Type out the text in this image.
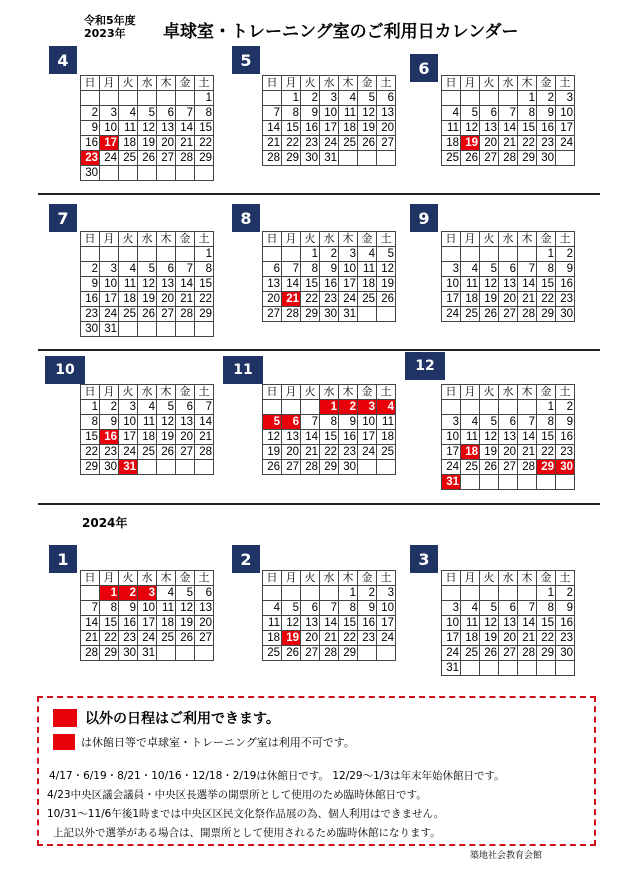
令和5年度
2023年	卓球室・トレーニング室のご利用日カレンダー
2024年
4
日	月	火	水	木	金	土
						1
2	3	4	5	6	7	8
9	10	11	12	13	14	15
16	17	18	19	20	21	22
23	24	25	26	27	28	29
30						
5
日	月	火	水	木	金	土
	1	2	3	4	5	6
7	8	9	10	11	12	13
14	15	16	17	18	19	20
21	22	23	24	25	26	27
28	29	30	31			
6
日	月	火	水	木	金	土
				1	2	3
4	5	6	7	8	9	10
11	12	13	14	15	16	17
18	19	20	21	22	23	24
25	26	27	28	29	30	
7
日	月	火	水	木	金	土
						1
2	3	4	5	6	7	8
9	10	11	12	13	14	15
16	17	18	19	20	21	22
23	24	25	26	27	28	29
30	31					
8
日	月	火	水	木	金	土
		1	2	3	4	5
6	7	8	9	10	11	12
13	14	15	16	17	18	19
20	21	22	23	24	25	26
27	28	29	30	31		
9
日	月	火	水	木	金	土
					1	2
3	4	5	6	7	8	9
10	11	12	13	14	15	16
17	18	19	20	21	22	23
24	25	26	27	28	29	30
10
日	月	火	水	木	金	土
1	2	3	4	5	6	7
8	9	10	11	12	13	14
15	16	17	18	19	20	21
22	23	24	25	26	27	28
29	30	31				
11
日	月	火	水	木	金	土
			1	2	3	4
5	6	7	8	9	10	11
12	13	14	15	16	17	18
19	20	21	22	23	24	25
26	27	28	29	30		
12
日	月	火	水	木	金	土
					1	2
3	4	5	6	7	8	9
10	11	12	13	14	15	16
17	18	19	20	21	22	23
24	25	26	27	28	29	30
31						
1
日	月	火	水	木	金	土
	1	2	3	4	5	6
7	8	9	10	11	12	13
14	15	16	17	18	19	20
21	22	23	24	25	26	27
28	29	30	31			
2
日	月	火	水	木	金	土
				1	2	3
4	5	6	7	8	9	10
11	12	13	14	15	16	17
18	19	20	21	22	23	24
25	26	27	28	29		
3
日	月	火	水	木	金	土
					1	2
3	4	5	6	7	8	9
10	11	12	13	14	15	16
17	18	19	20	21	22	23
24	25	26	27	28	29	30
31						
以外の日程はご利用できます。
は休館日等で卓球室・トレーニング室は利用不可です。
4/17・6/19・8/21・10/16・12/18・2/19は休館日です。 12/29～1/3は年末年始休館日です。
4/23中央区議会議員・中央区長選挙の開票所として使用のため臨時休館日です。
10/31～11/6午後1時までは中央区区民文化祭作品展の為、個人利用はできません。
上記以外で選挙がある場合は、開票所として使用されるため臨時休館になります。
築地社会教育会館
